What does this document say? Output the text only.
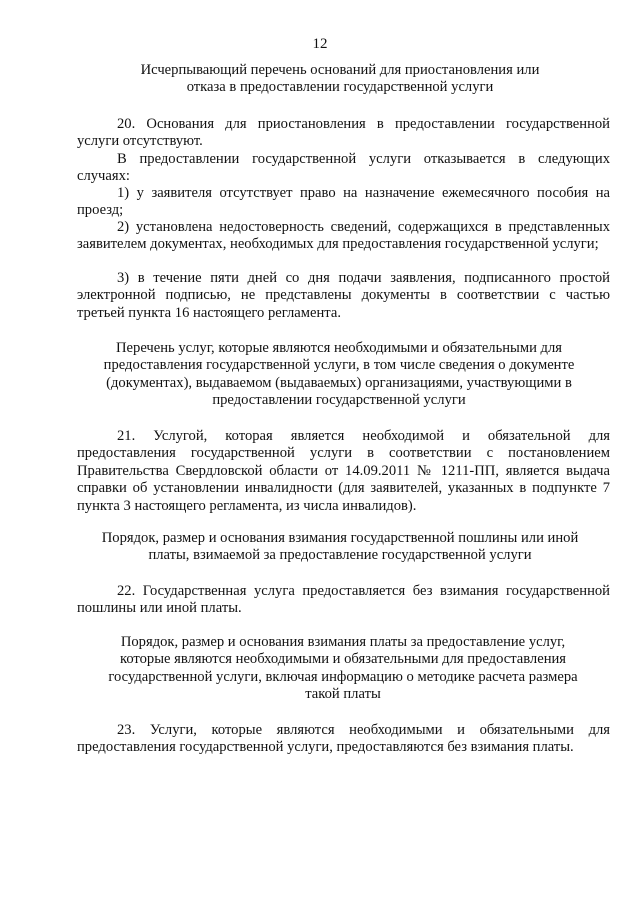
12
Исчерпывающий перечень оснований для приостановления или отказа в предоставлении государственной услуги
20. Основания для приостановления в предоставлении государственной услуги отсутствуют.
В предоставлении государственной услуги отказывается в следующих случаях:
1) у заявителя отсутствует право на назначение ежемесячного пособия на проезд;
2) установлена недостоверность сведений, содержащихся в представленных заявителем документах, необходимых для предоставления государственной услуги;
3) в течение пяти дней со дня подачи заявления, подписанного простой электронной подписью, не представлены документы в соответствии с частью третьей пункта 16 настоящего регламента.
Перечень услуг, которые являются необходимыми и обязательными для предоставления государственной услуги, в том числе сведения о документе (документах), выдаваемом (выдаваемых) организациями, участвующими в предоставлении государственной услуги
21. Услугой, которая является необходимой и обязательной для предоставления государственной услуги в соответствии с постановлением Правительства Свердловской области от 14.09.2011 № 1211-ПП, является выдача справки об установлении инвалидности (для заявителей, указанных в подпункте 7 пункта 3 настоящего регламента, из числа инвалидов).
Порядок, размер и основания взимания государственной пошлины или иной платы, взимаемой за предоставление государственной услуги
22. Государственная услуга предоставляется без взимания государственной пошлины или иной платы.
Порядок, размер и основания взимания платы за предоставление услуг, которые являются необходимыми и обязательными для предоставления государственной услуги, включая информацию о методике расчета размера такой платы
23. Услуги, которые являются необходимыми и обязательными для предоставления государственной услуги, предоставляются без взимания платы.
